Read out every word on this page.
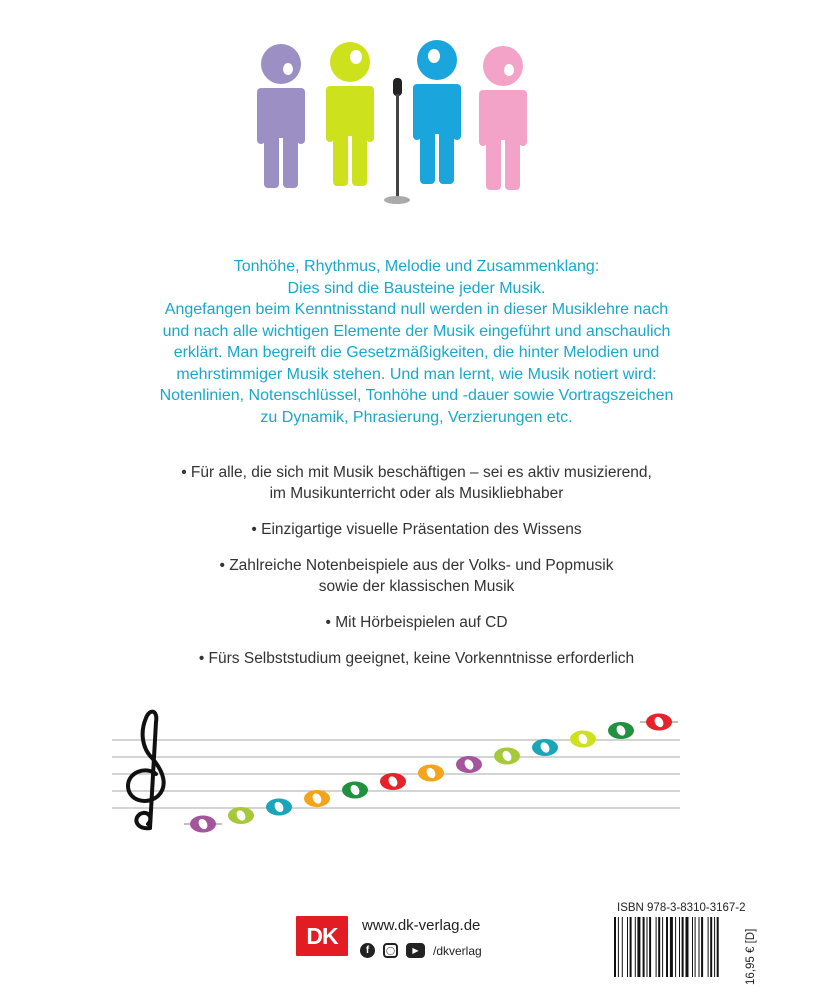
Tonhöhe, Rhythmus, Melodie und Zusammenklang:
Dies sind die Bausteine jeder Musik.
Angefangen beim Kenntnisstand null werden in dieser Musiklehre nach
und nach alle wichtigen Elemente der Musik eingeführt und anschaulich
erklärt. Man begreift die Gesetzmäßigkeiten, die hinter Melodien und
mehrstimmiger Musik stehen. Und man lernt, wie Musik notiert wird:
Notenlinien, Notenschlüssel, Tonhöhe und -dauer sowie Vortragszeichen
zu Dynamik, Phrasierung, Verzierungen etc.
• Für alle, die sich mit Musik beschäftigen – sei es aktiv musizierend,
im Musikunterricht oder als Musikliebhaber
• Einzigartige visuelle Präsentation des Wissens
• Zahlreiche Notenbeispiele aus der Volks- und Popmusik
sowie der klassischen Musik
• Mit Hörbeispielen auf CD
• Fürs Selbststudium geeignet, keine Vorkenntnisse erforderlich
DK	www.dk-verlag.de
f	◯	▶	/dkverlag
ISBN 978-3-8310-3167-2
16,95 € [D]
